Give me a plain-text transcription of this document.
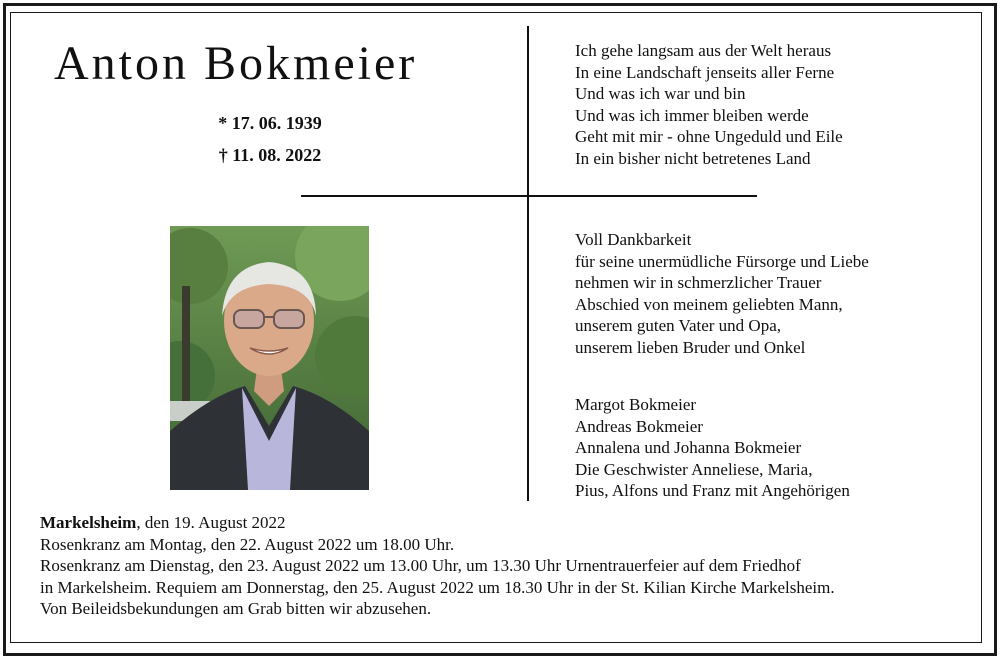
Anton Bokmeier
* 17. 06. 1939
† 11. 08. 2022
Ich gehe langsam aus der Welt heraus
In eine Landschaft jenseits aller Ferne
Und was ich war und bin
Und was ich immer bleiben werde
Geht mit mir - ohne Ungeduld und Eile
In ein bisher nicht betretenes Land
Voll Dankbarkeit
für seine unermüdliche Fürsorge und Liebe
nehmen wir in schmerzlicher Trauer
Abschied von meinem geliebten Mann,
unserem guten Vater und Opa,
unserem lieben Bruder und Onkel
Margot Bokmeier
Andreas Bokmeier
Annalena und Johanna Bokmeier
Die Geschwister Anneliese, Maria,
Pius, Alfons und Franz mit Angehörigen
Markelsheim, den 19. August 2022
Rosenkranz am Montag, den 22. August 2022 um 18.00 Uhr.
Rosenkranz am Dienstag, den 23. August 2022 um 13.00 Uhr, um 13.30 Uhr Urnentrauerfeier auf dem Friedhof
in Markelsheim. Requiem am Donnerstag, den 25. August 2022 um 18.30 Uhr in der St. Kilian Kirche Markelsheim.
Von Beileidsbekundungen am Grab bitten wir abzusehen.
